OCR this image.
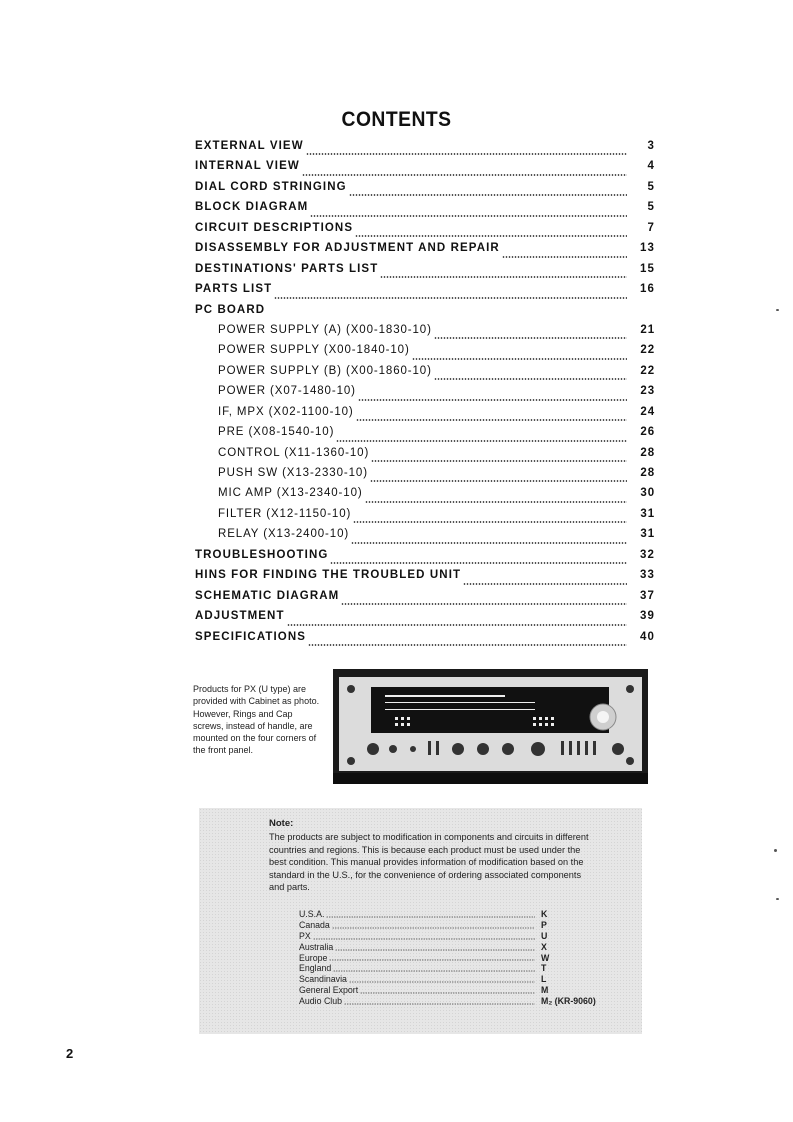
CONTENTS
EXTERNAL VIEW	3
INTERNAL VIEW	4
DIAL CORD STRINGING	5
BLOCK DIAGRAM	5
CIRCUIT DESCRIPTIONS	7
DISASSEMBLY FOR ADJUSTMENT AND REPAIR	13
DESTINATIONS' PARTS LIST	15
PARTS LIST	16
PC BOARD
POWER SUPPLY (A) (X00-1830-10)	21
POWER SUPPLY (X00-1840-10)	22
POWER SUPPLY (B) (X00-1860-10)	22
POWER (X07-1480-10)	23
IF, MPX (X02-1100-10)	24
PRE (X08-1540-10)	26
CONTROL (X11-1360-10)	28
PUSH SW (X13-2330-10)	28
MIC AMP (X13-2340-10)	30
FILTER (X12-1150-10)	31
RELAY (X13-2400-10)	31
TROUBLESHOOTING	32
HINS FOR FINDING THE TROUBLED UNIT	33
SCHEMATIC DIAGRAM	37
ADJUSTMENT	39
SPECIFICATIONS	40
Products for PX (U type) are provided with Cabinet as photo. However, Rings and Cap screws, instead of handle, are mounted on the four corners of the front panel.
Note:
The products are subject to modification in components and circuits in different countries and regions. This is because each product must be used under the best condition. This manual provides information of modification based on the standard in the U.S., for the convenience of ordering associated components and parts.
U.S.A.	K
Canada	P
PX	U
Australia	X
Europe	W
England	T
Scandinavia	L
General Export	M
Audio Club	M₂ (KR-9060)
2
